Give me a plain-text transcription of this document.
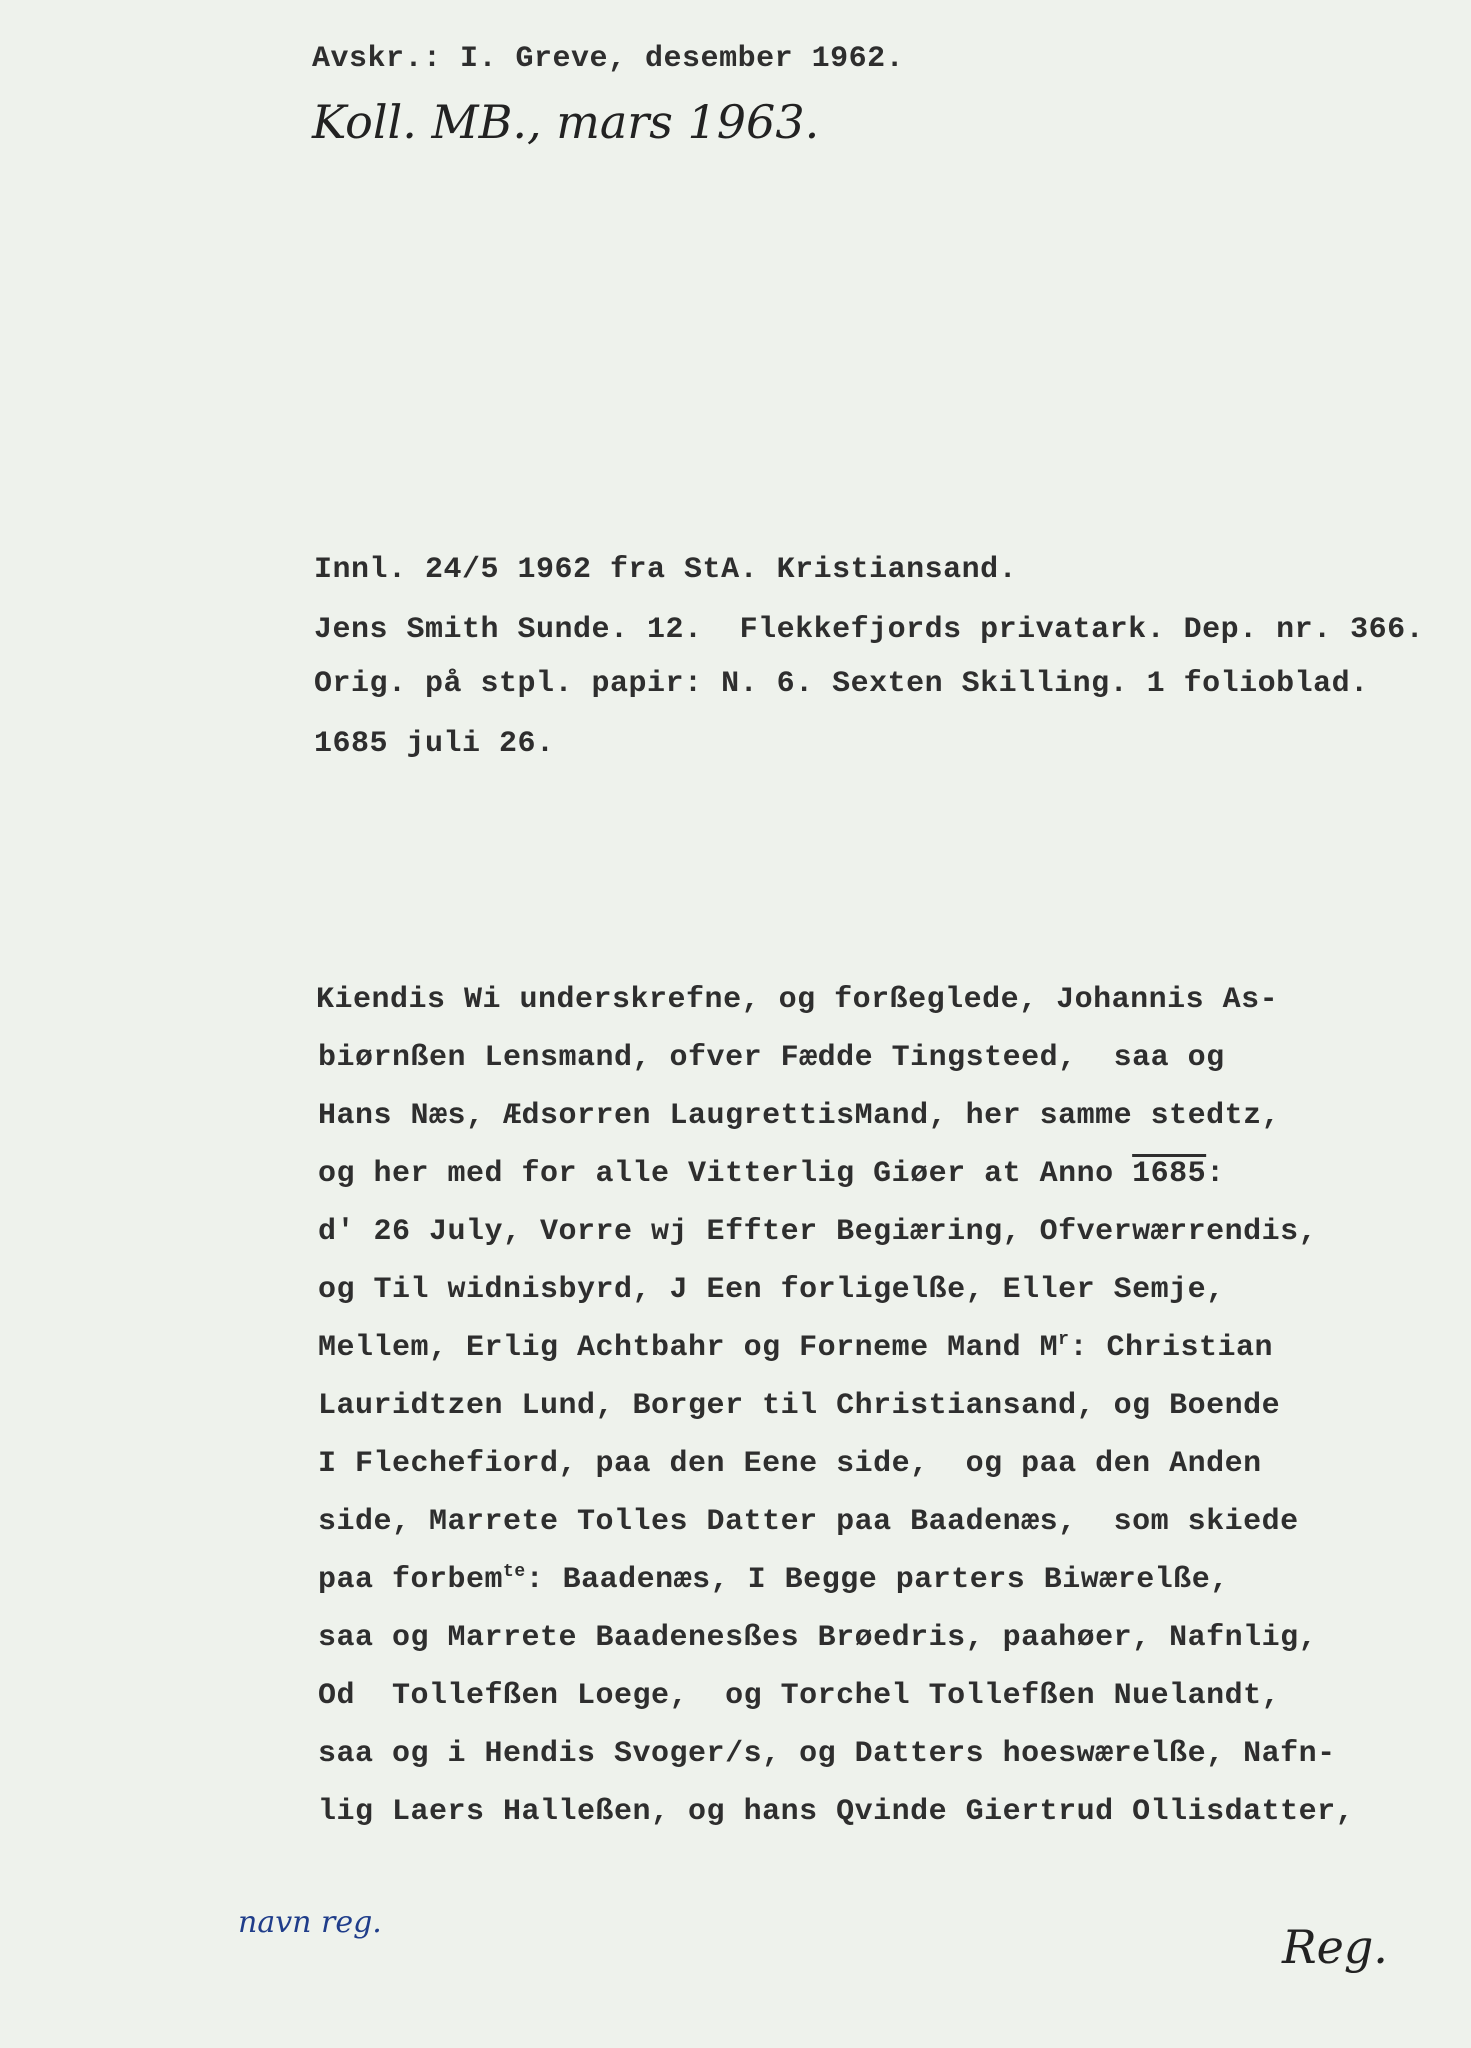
Avskr.: I. Greve, desember 1962.
Koll. MB., mars 1963.
Innl. 24/5 1962 fra StA. Kristiansand.
Jens Smith Sunde. 12.  Flekkefjords privatark. Dep. nr. 366.
Orig. på stpl. papir: N. 6. Sexten Skilling. 1 folioblad.
1685 juli 26.
Kiendis Wi underskrefne, og forßeglede, Johannis As-
biørnßen Lensmand, ofver Fædde Tingsteed,  saa og
Hans Næs, Ædsorren LaugrettisMand, her samme stedtz,
og her med for alle Vitterlig Giøer at Anno 1685:
d' 26 July, Vorre wj Effter Begiæring, Ofverwærrendis,
og Til widnisbyrd, J Een forligelße, Eller Semje,
Mellem, Erlig Achtbahr og Forneme Mand $M^r$: Christian
Lauridtzen Lund, Borger til Christiansand, og Boende
I Flechefiord, paa den Eene side,  og paa den Anden
side, Marrete Tolles Datter paa Baadenæs,  som skiede
paa forbem$^{te}$: Baadenæs, I Begge parters Biwærelße,
saa og Marrete Baadenesßes Brøedris, paahøer, Nafnlig,
Od  Tollefßen Loege,  og Torchel Tollefßen Nuelandt,
saa og i Hendis Svoger/s, og Datters hoeswærelße, Nafn-
lig Laers Halleßen, og hans Qvinde Giertrud Ollisdatter,
navn reg.	Reg.
